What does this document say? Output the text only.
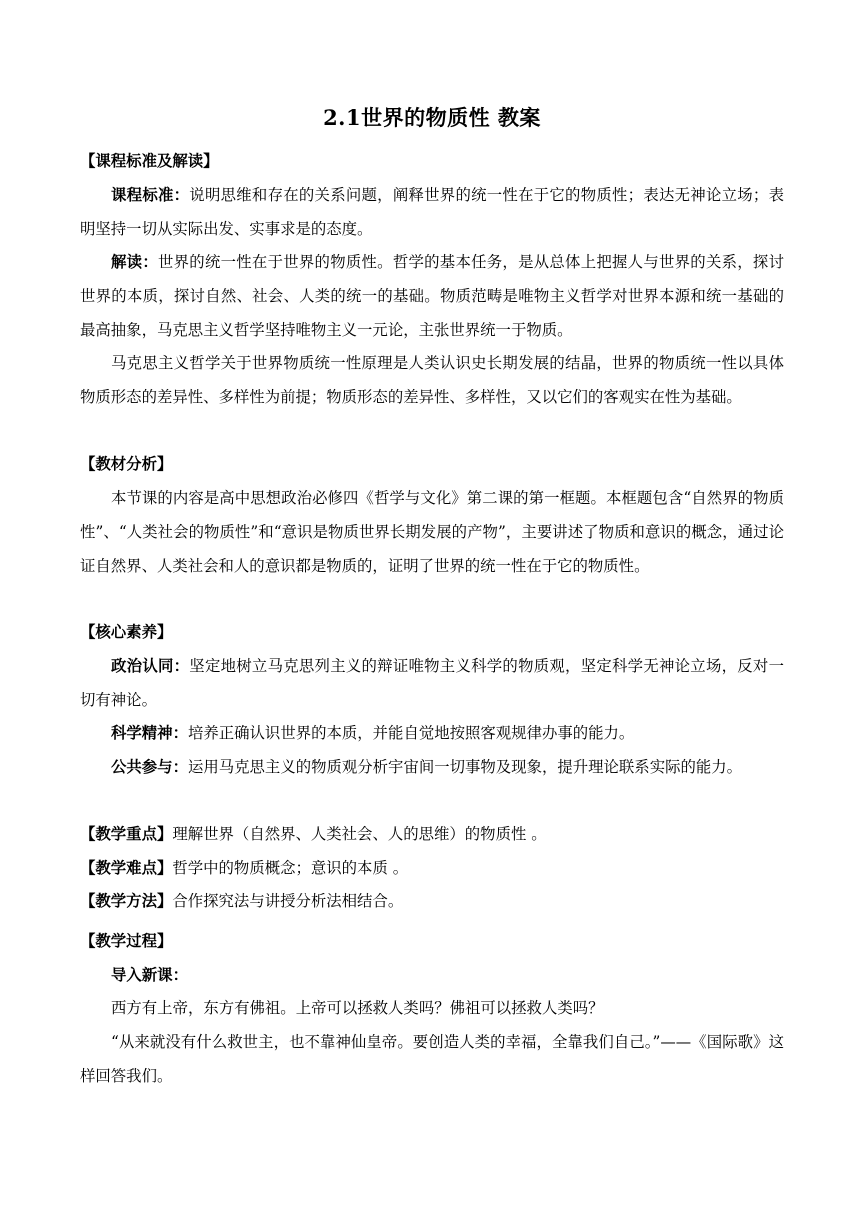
2.1世界的物质性 教案
【课程标准及解读】
课程标准：说明思维和存在的关系问题，阐释世界的统一性在于它的物质性；表达无神论立场；表明坚持一切从实际出发、实事求是的态度。
解读：世界的统一性在于世界的物质性。哲学的基本任务，是从总体上把握人与世界的关系，探讨世界的本质，探讨自然、社会、人类的统一的基础。物质范畴是唯物主义哲学对世界本源和统一基础的最高抽象，马克思主义哲学坚持唯物主义一元论，主张世界统一于物质。
马克思主义哲学关于世界物质统一性原理是人类认识史长期发展的结晶，世界的物质统一性以具体物质形态的差异性、多样性为前提；物质形态的差异性、多样性，又以它们的客观实在性为基础。
【教材分析】
本节课的内容是高中思想政治必修四《哲学与文化》第二课的第一框题。本框题包含“自然界的物质性”、“人类社会的物质性”和“意识是物质世界长期发展的产物”，主要讲述了物质和意识的概念，通过论证自然界、人类社会和人的意识都是物质的，证明了世界的统一性在于它的物质性。
【核心素养】
政治认同：坚定地树立马克思列主义的辩证唯物主义科学的物质观，坚定科学无神论立场，反对一切有神论。
科学精神：培养正确认识世界的本质，并能自觉地按照客观规律办事的能力。
公共参与：运用马克思主义的物质观分析宇宙间一切事物及现象，提升理论联系实际的能力。
【教学重点】理解世界（自然界、人类社会、人的思维）的物质性 。
【教学难点】哲学中的物质概念；意识的本质 。
【教学方法】合作探究法与讲授分析法相结合。
【教学过程】
导入新课：
西方有上帝，东方有佛祖。上帝可以拯救人类吗？佛祖可以拯救人类吗？
“从来就没有什么救世主，也不靠神仙皇帝。要创造人类的幸福，全靠我们自己。”——《国际歌》这样回答我们。
